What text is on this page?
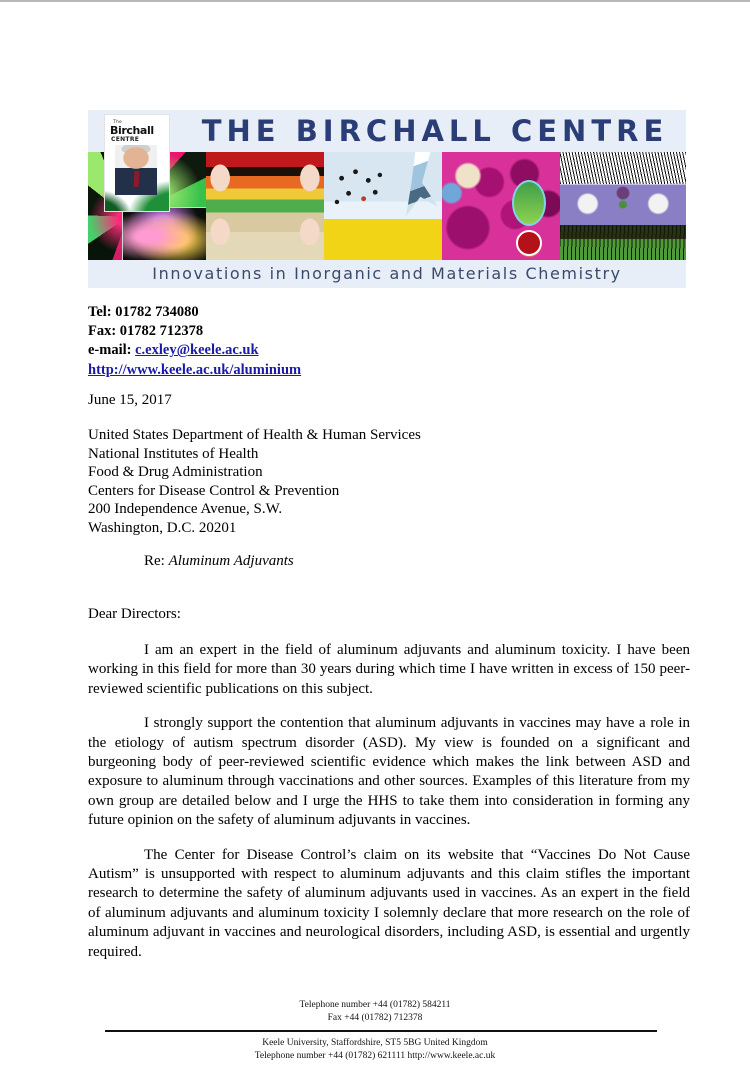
THE BIRCHALL CENTRE
The
Birchall
CENTRE
Innovations in Inorganic and Materials Chemistry
Tel: 01782 734080
Fax: 01782 712378
e-mail: c.exley@keele.ac.uk
http://www.keele.ac.uk/aluminium
June 15, 2017
United States Department of Health & Human Services
National Institutes of Health
Food & Drug Administration
Centers for Disease Control & Prevention
200 Independence Avenue, S.W.
Washington, D.C. 20201
Re: Aluminum Adjuvants
Dear Directors:

I am an expert in the field of aluminum adjuvants and aluminum toxicity. I have been working in this field for more than 30 years during which time I have written in excess of 150 peer-reviewed scientific publications on this subject.

I strongly support the contention that aluminum adjuvants in vaccines may have a role in the etiology of autism spectrum disorder (ASD). My view is founded on a significant and burgeoning body of peer-reviewed scientific evidence which makes the link between ASD and exposure to aluminum through vaccinations and other sources. Examples of this literature from my own group are detailed below and I urge the HHS to take them into consideration in forming any future opinion on the safety of aluminum adjuvants in vaccines.

The Center for Disease Control’s claim on its website that “Vaccines Do Not Cause Autism” is unsupported with respect to aluminum adjuvants and this claim stifles the important research to determine the safety of aluminum adjuvants used in vaccines. As an expert in the field of aluminum adjuvants and aluminum toxicity I solemnly declare that more research on the role of aluminum adjuvant in vaccines and neurological disorders, including ASD, is essential and urgently required.

Telephone number +44 (01782) 584211
Fax +44 (01782) 712378
Keele University, Staffordshire, ST5 5BG United Kingdom
Telephone number +44 (01782) 621111 http://www.keele.ac.uk
